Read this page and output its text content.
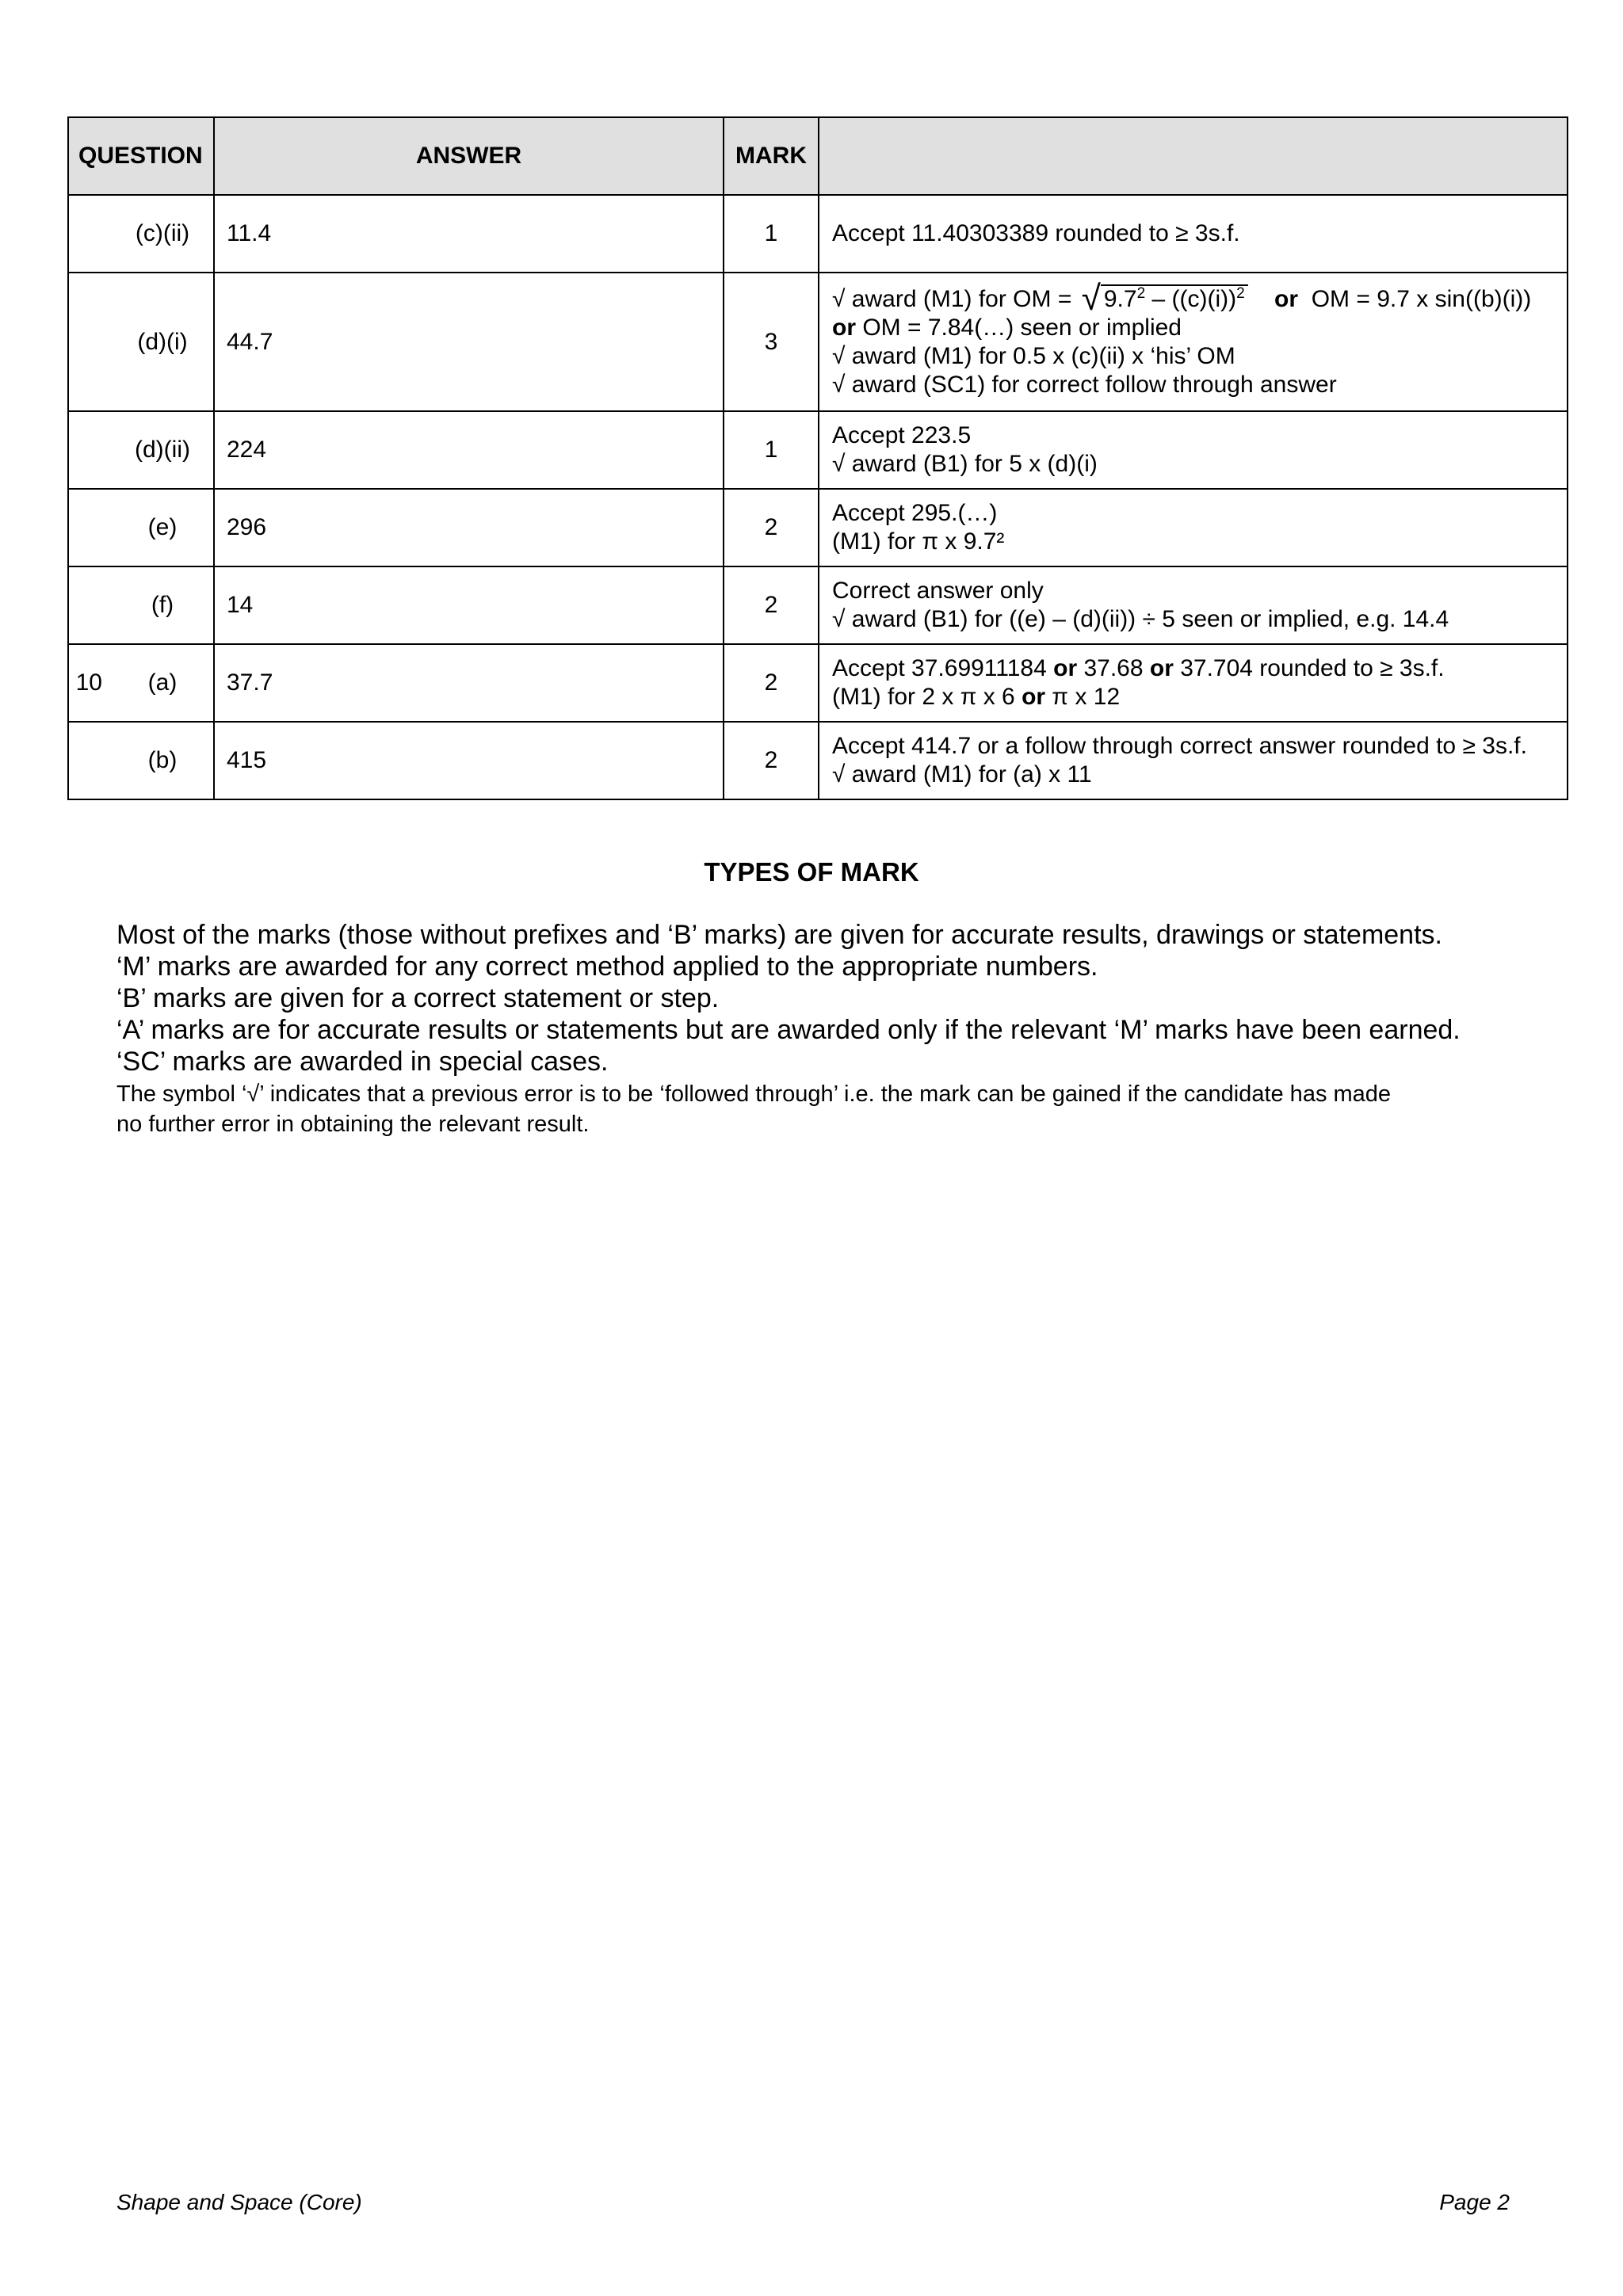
QUESTION	ANSWER	MARK	
(c)(ii)	11.4	1	Accept 11.40303389 rounded to ≥ 3s.f.

(d)(i)	44.7	3	√ award (M1) for OM = √ $9.7^2 - ((c)(i))^2$ or OM = 9.7 x sin((b)(i))
or OM = 7.84(…) seen or implied
√ award (M1) for 0.5 x (c)(ii) x ‘his’ OM
√ award (SC1) for correct follow through answer

(d)(ii)	224	1	Accept 223.5
√ award (B1) for 5 x (d)(i)

(e)	296	2	Accept 295.(…)
(M1) for π x 9.7²

(f)	14	2	Correct answer only
√ award (B1) for ((e) – (d)(ii)) ÷ 5 seen or implied, e.g. 14.4

10 (a)	37.7	2	Accept 37.69911184 or 37.68 or 37.704 rounded to ≥ 3s.f.
(M1) for 2 x π x 6 or π x 12

(b)	415	2	Accept 414.7 or a follow through correct answer rounded to ≥ 3s.f.
√ award (M1) for (a) x 11
TYPES OF MARK
Most of the marks (those without prefixes and ‘B’ marks) are given for accurate results, drawings or statements.
‘M’ marks are awarded for any correct method applied to the appropriate numbers.
‘B’ marks are given for a correct statement or step.
‘A’ marks are for accurate results or statements but are awarded only if the relevant ‘M’ marks have been earned.
‘SC’ marks are awarded in special cases.
The symbol ‘√’ indicates that a previous error is to be ‘followed through’ i.e. the mark can be gained if the candidate has made
no further error in obtaining the relevant result.
Shape and Space (Core)	Page 2
